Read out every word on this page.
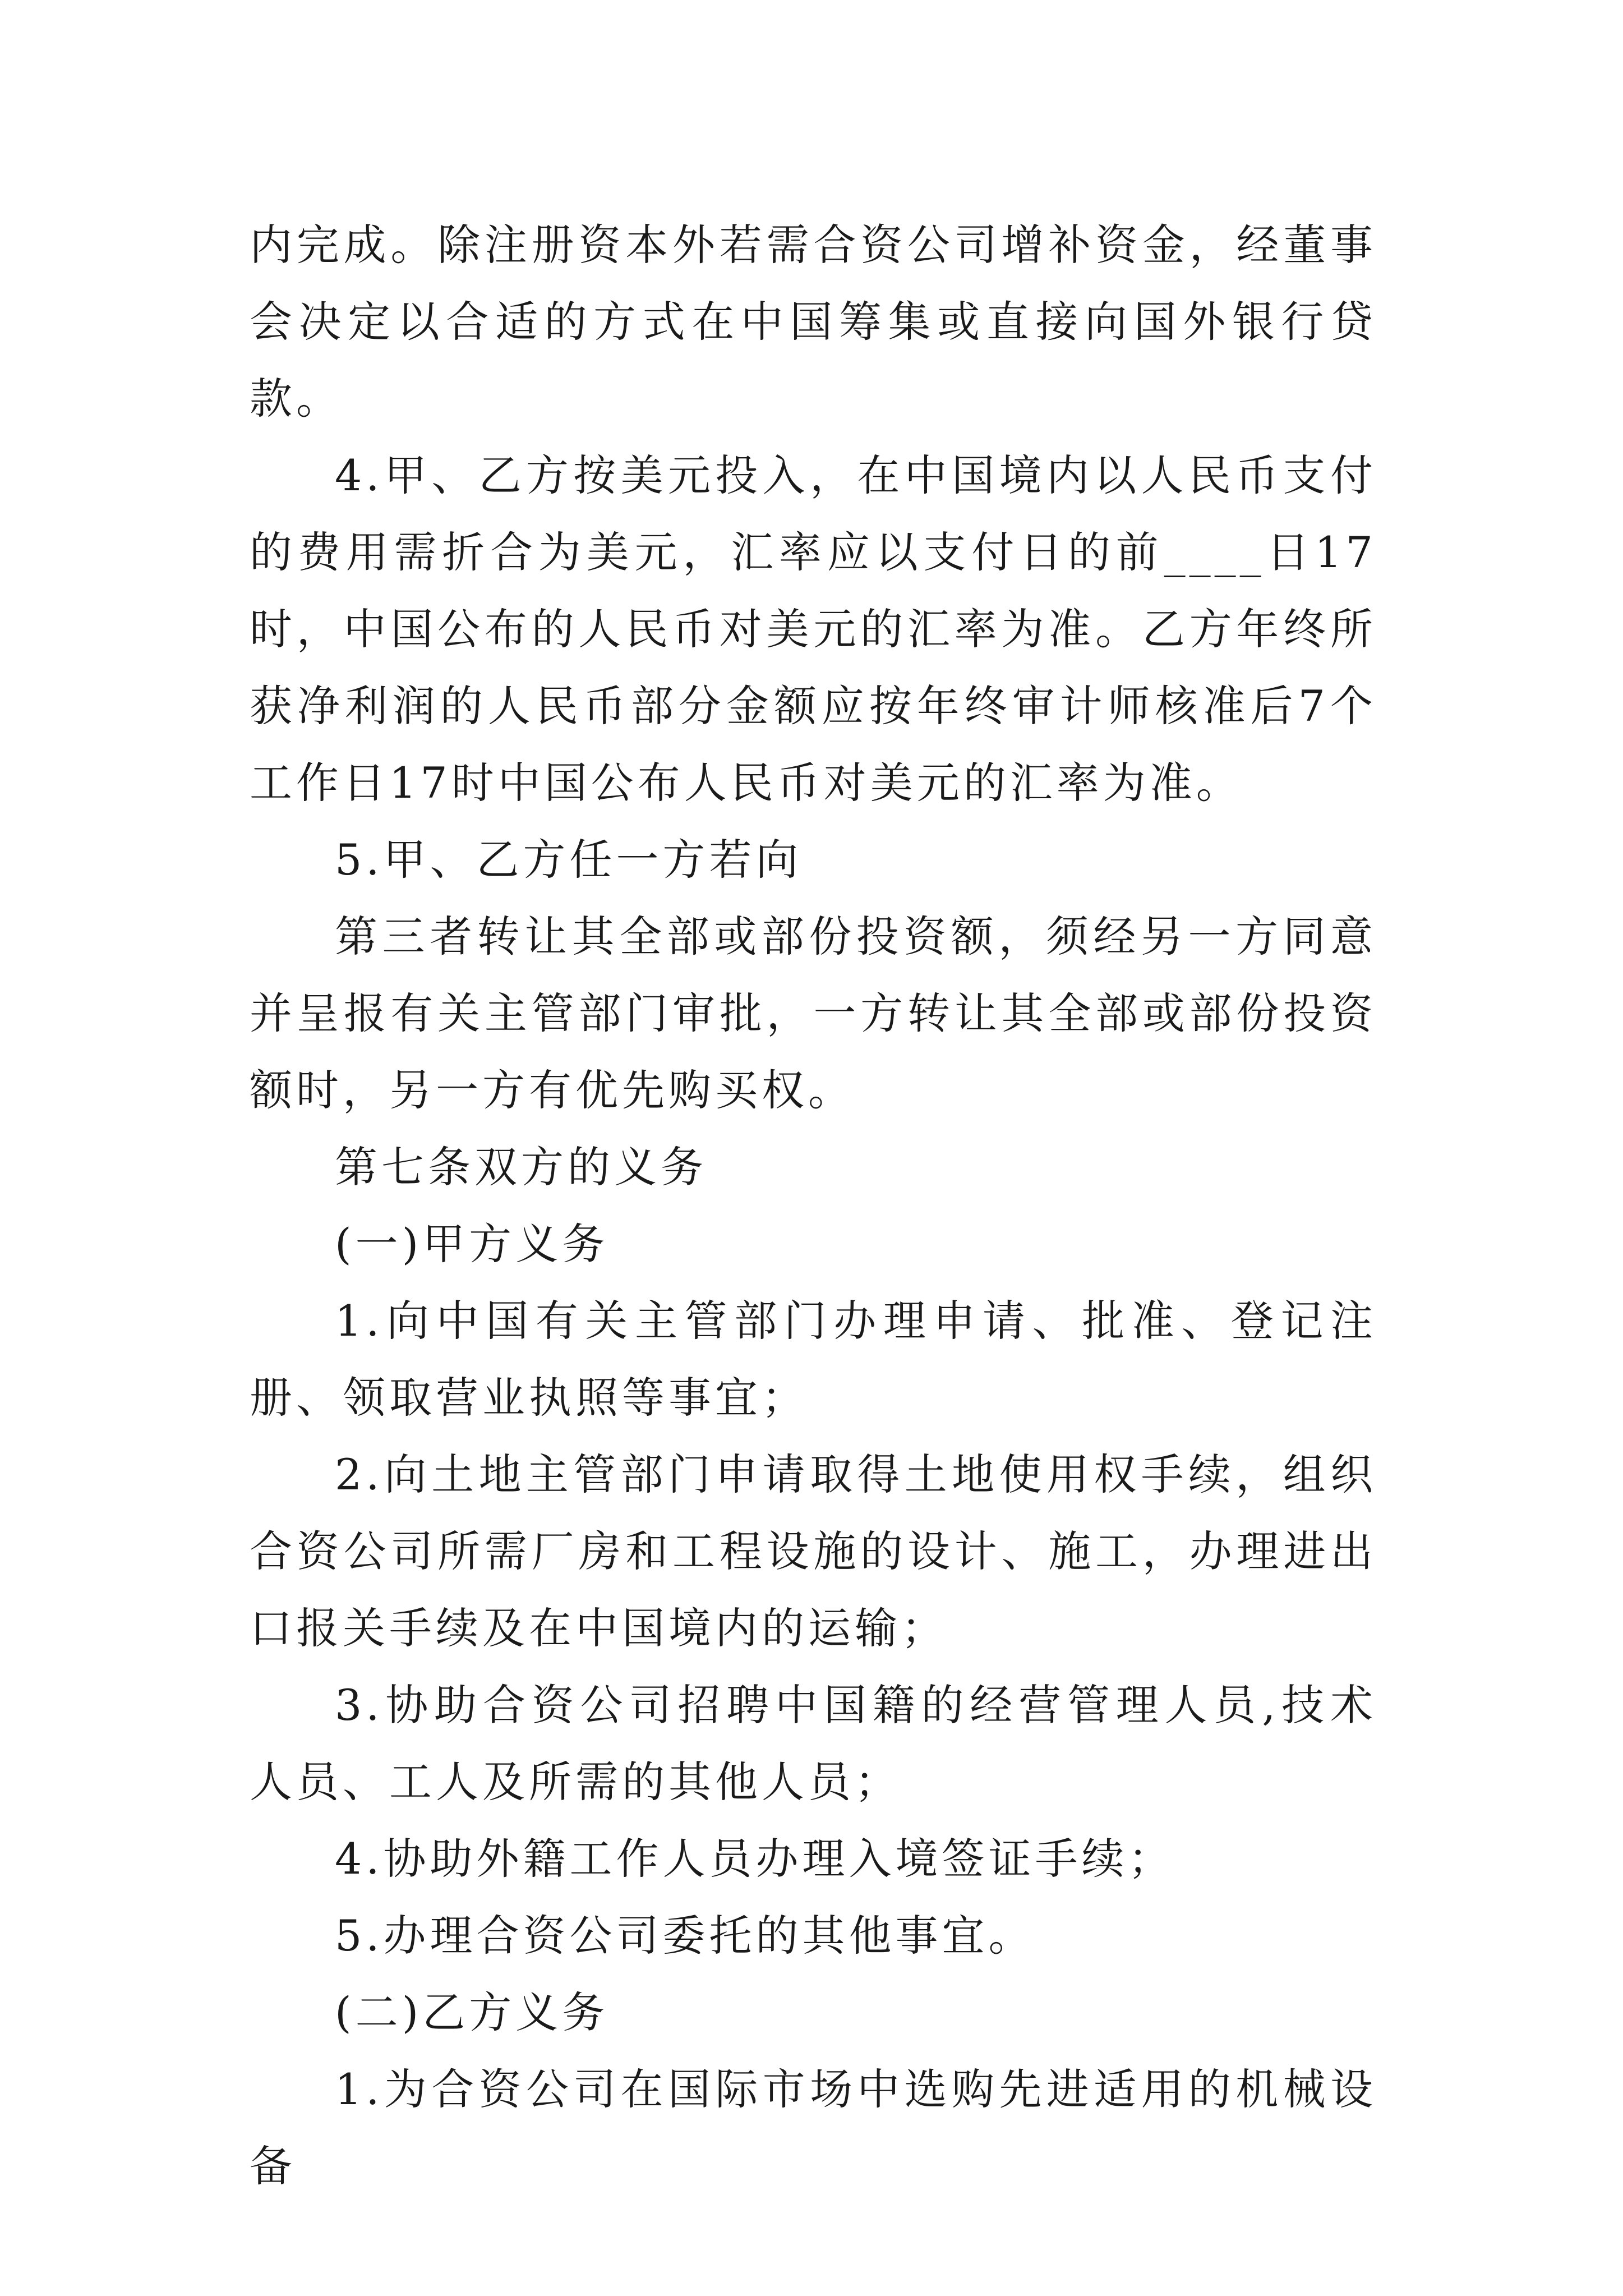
内完成。除注册资本外若需合资公司增补资金，经董事会决定以合适的方式在中国筹集或直接向国外银行贷款。

4.甲、乙方按美元投入，在中国境内以人民币支付的费用需折合为美元，汇率应以支付日的前____日17时，中国公布的人民币对美元的汇率为准。乙方年终所获净利润的人民币部分金额应按年终审计师核准后7个工作日17时中国公布人民币对美元的汇率为准。

5.甲、乙方任一方若向

第三者转让其全部或部份投资额，须经另一方同意并呈报有关主管部门审批，一方转让其全部或部份投资额时，另一方有优先购买权。

第七条双方的义务

(一)甲方义务

1.向中国有关主管部门办理申请、批准、登记注册、领取营业执照等事宜；

2.向土地主管部门申请取得土地使用权手续，组织合资公司所需厂房和工程设施的设计、施工，办理进出口报关手续及在中国境内的运输；

3.协助合资公司招聘中国籍的经营管理人员,技术人员、工人及所需的其他人员；

4.协助外籍工作人员办理入境签证手续；

5.办理合资公司委托的其他事宜。

(二)乙方义务

1.为合资公司在国际市场中选购先进适用的机械设备
